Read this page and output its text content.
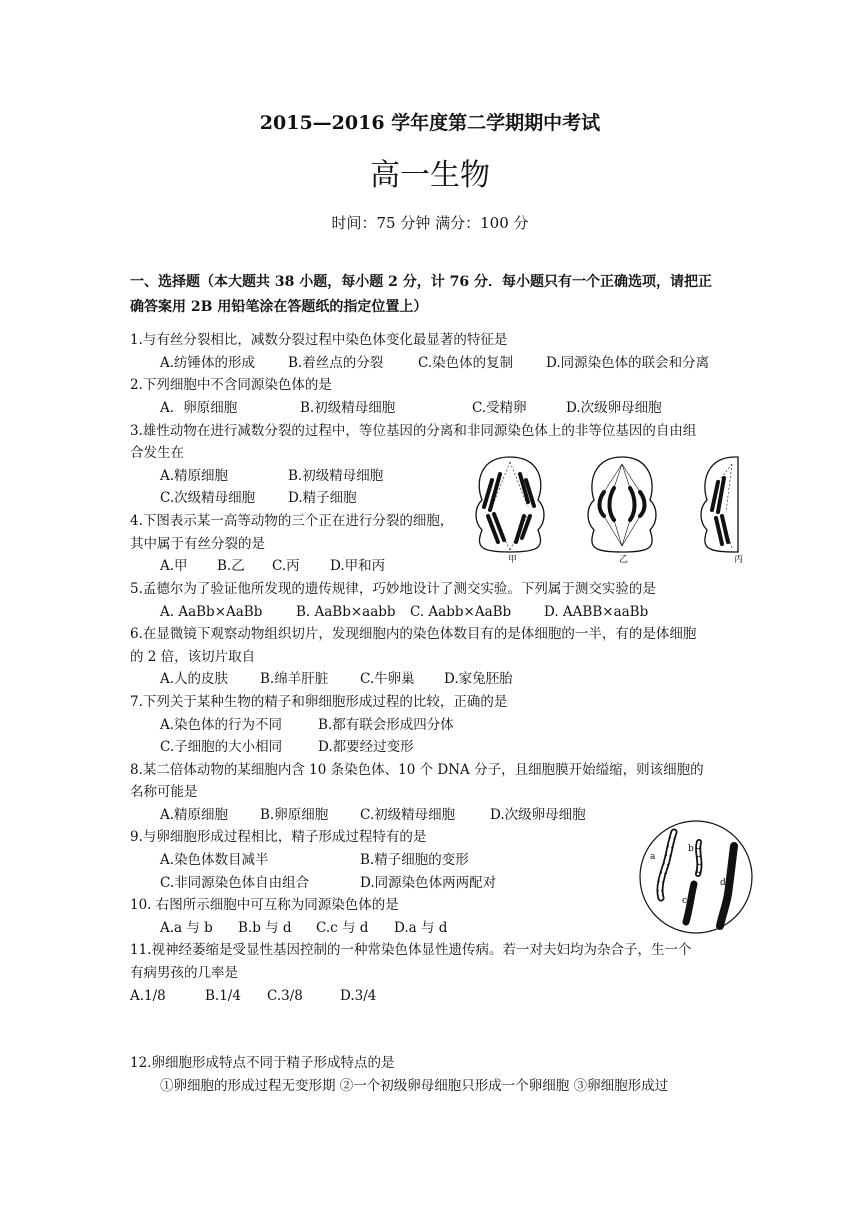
2015—2016 学年度第二学期期中考试
高一生物
时间：75 分钟 满分：100 分
一、选择题（本大题共 38 小题，每小题 2 分，计 76 分．每小题只有一个正确选项，请把正
确答案用 2B 用铅笔涂在答题纸的指定位置上）
1.与有丝分裂相比，减数分裂过程中染色体变化最显著的特征是
A.纺锤体的形成 B.着丝点的分裂	C.染色体的复制 D.同源染色体的联会和分离
2.下列细胞中不含同源染色体的是
A．卵原细胞	B.初级精母细胞	C.受精卵	D.次级卵母细胞
3.雄性动物在进行减数分裂的过程中，等位基因的分离和非同源染色体上的非等位基因的自由组
合发生在
A.精原细胞	B.初级精母细胞
C.次级精母细胞 D.精子细胞
4.下图表示某一高等动物的三个正在进行分裂的细胞，
其中属于有丝分裂的是
A.甲 B.乙 C.丙 D.甲和丙	甲	乙	丙
5.孟德尔为了验证他所发现的遗传规律，巧妙地设计了测交实验。下列属于测交实验的是
A. AaBb×AaBb B. AaBb×aabb C. Aabb×AaBb D. AABB×aaBb
6.在显微镜下观察动物组织切片，发现细胞内的染色体数目有的是体细胞的一半，有的是体细胞
的 2 倍，该切片取自
A.人的皮肤 B.绵羊肝脏 C.牛卵巢 D.家兔胚胎
7.下列关于某种生物的精子和卵细胞形成过程的比较，正确的是
A.染色体的行为不同	B.都有联会形成四分体
C.子细胞的大小相同	D.都要经过变形
8.某二倍体动物的某细胞内含 10 条染色体、10 个 DNA 分子，且细胞膜开始缢缩，则该细胞的
名称可能是
A.精原细胞 B.卵原细胞 C.初级精母细胞	D.次级卵母细胞
9.与卵细胞形成过程相比，精子形成过程特有的是
A.染色体数目减半	B.精子细胞的变形
C.非同源染色体自由组合	D.同源染色体两两配对
a
b
c
d
10. 右图所示细胞中可互称为同源染色体的是
A.a 与 b B.b 与 d C.c 与 d D.a 与 d
11.视神经萎缩是受显性基因控制的一种常染色体显性遗传病。若一对夫妇均为杂合子，生一个
有病男孩的几率是
A.1/8	B.1/4 C.3/8	D.3/4
12.卵细胞形成特点不同于精子形成特点的是
①卵细胞的形成过程无变形期 ②一个初级卵母细胞只形成一个卵细胞 ③卵细胞形成过
